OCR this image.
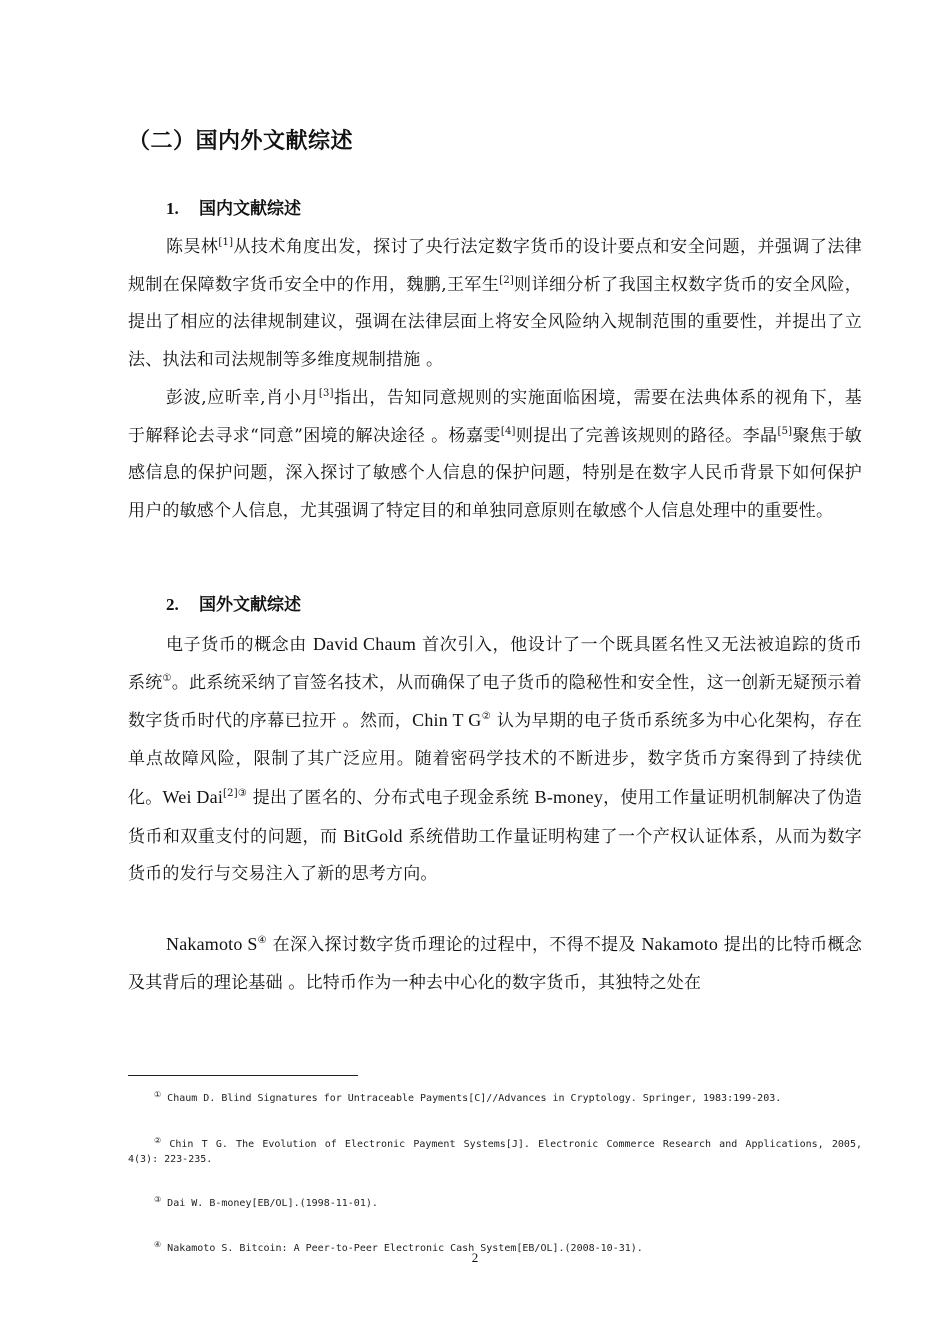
（二）国内外文献综述
1. 国内文献综述

陈昊林[1]从技术角度出发，探讨了央行法定数字货币的设计要点和安全问题，并强调了法律规制在保障数字货币安全中的作用，魏鹏,王军生[2]则详细分析了我国主权数字货币的安全风险，提出了相应的法律规制建议，强调在法律层面上将安全风险纳入规制范围的重要性，并提出了立法、执法和司法规制等多维度规制措施 。

彭波,应昕幸,肖小月[3]指出，告知同意规则的实施面临困境，需要在法典体系的视角下，基于解释论去寻求“同意”困境的解决途径 。杨嘉雯[4]则提出了完善该规则的路径。李晶[5]聚焦于敏感信息的保护问题，深入探讨了敏感个人信息的保护问题，特别是在数字人民币背景下如何保护用户的敏感个人信息，尤其强调了特定目的和单独同意原则在敏感个人信息处理中的重要性。

2. 国外文献综述

电子货币的概念由 David Chaum 首次引入，他设计了一个既具匿名性又无法被追踪的货币系统①。此系统采纳了盲签名技术，从而确保了电子货币的隐秘性和安全性，这一创新无疑预示着数字货币时代的序幕已拉开 。然而，Chin T G② 认为早期的电子货币系统多为中心化架构，存在单点故障风险，限制了其广泛应用。随着密码学技术的不断进步，数字货币方案得到了持续优化。Wei Dai$^{[2]③}$ 提出了匿名的、分布式电子现金系统 B-money，使用工作量证明机制解决了伪造货币和双重支付的问题，而 BitGold 系统借助工作量证明构建了一个产权认证体系，从而为数字货币的发行与交易注入了新的思考方向。

Nakamoto S④ 在深入探讨数字货币理论的过程中，不得不提及 Nakamoto 提出的比特币概念及其背后的理论基础 。比特币作为一种去中心化的数字货币，其独特之处在

① Chaum D. Blind Signatures for Untraceable Payments[C]//Advances in Cryptology. Springer, 1983:199-203.
② Chin T G. The Evolution of Electronic Payment Systems[J]. Electronic Commerce Research and Applications, 2005, 4(3): 223-235.
③ Dai W. B-money[EB/OL].(1998-11-01).
④ Nakamoto S. Bitcoin: A Peer-to-Peer Electronic Cash System[EB/OL].(2008-10-31).
2
